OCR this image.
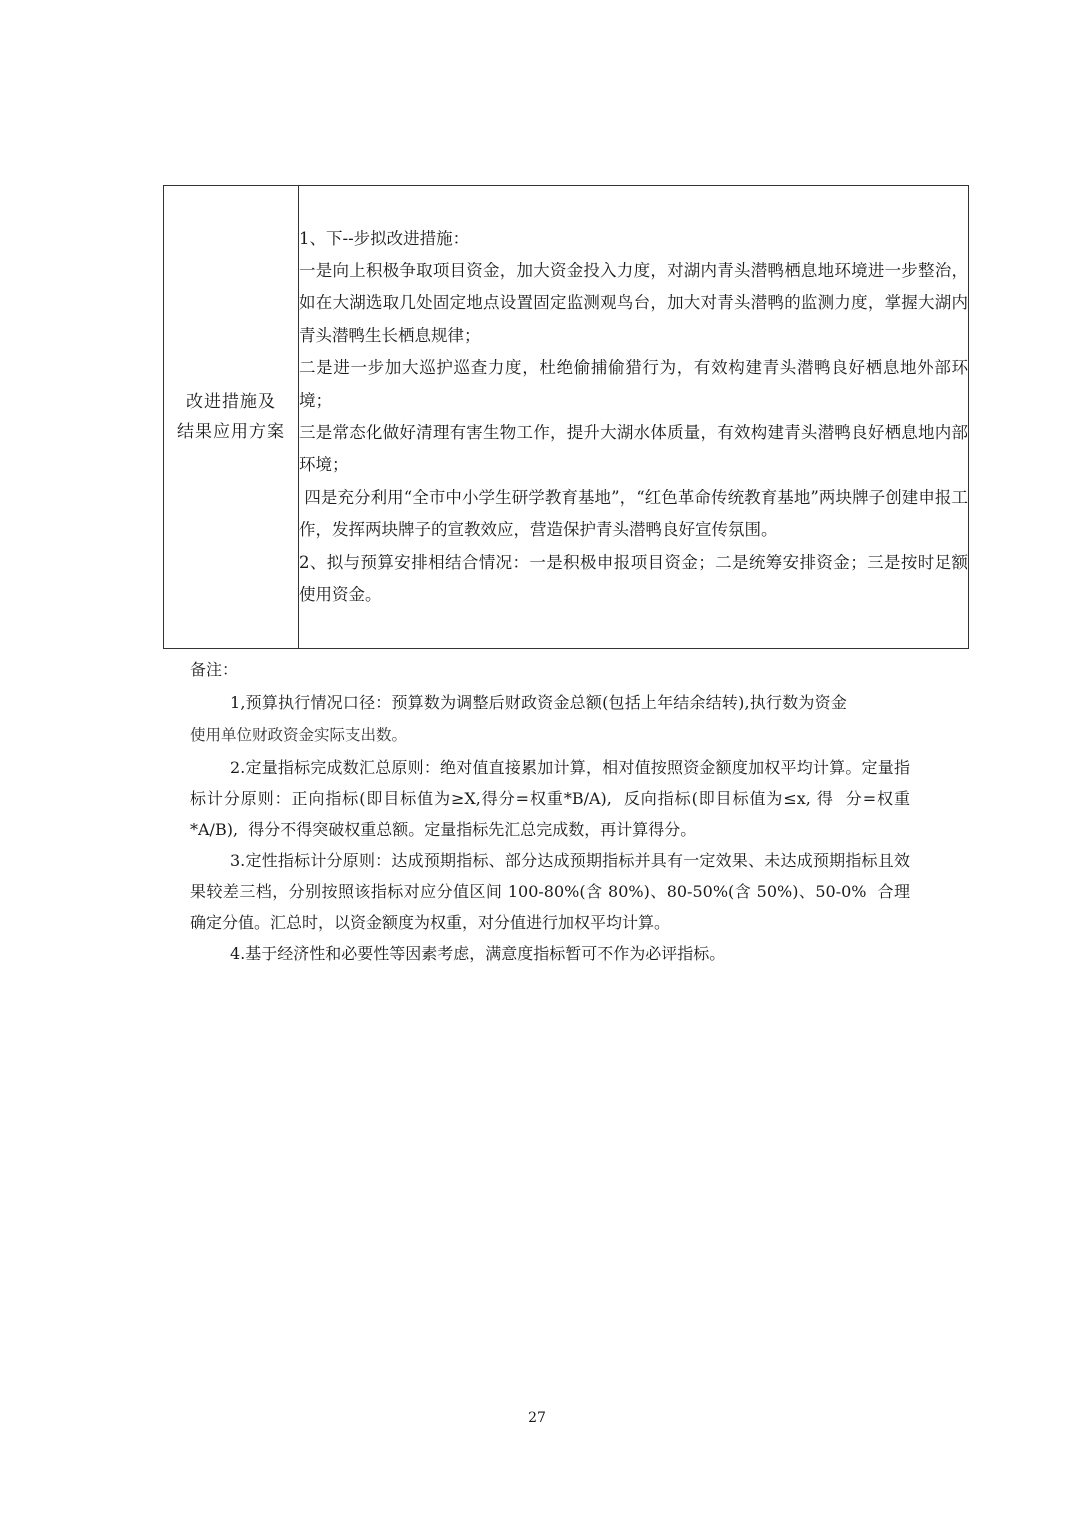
改进措施及
结果应用方案	

1、下--步拟改进措施：

一是向上积极争取项目资金，加大资金投入力度，对湖内青头潜鸭栖息地环境进一步整治，如在大湖选取几处固定地点设置固定监测观鸟台，加大对青头潜鸭的监测力度，掌握大湖内青头潜鸭生长栖息规律；

二是进一步加大巡护巡查力度，杜绝偷捕偷猎行为，有效构建青头潜鸭良好栖息地外部环境；

三是常态化做好清理有害生物工作，提升大湖水体质量，有效构建青头潜鸭良好栖息地内部环境；

四是充分利用“全市中小学生研学教育基地”，“红色革命传统教育基地”两块牌子创建申报工作，发挥两块牌子的宣教效应，营造保护青头潜鸭良好宣传氛围。

2、拟与预算安排相结合情况：一是积极申报项目资金；二是统筹安排资金；三是按时足额使用资金。

备注：

1,预算执行情况口径：预算数为调整后财政资金总额(包括上年结余结转),执行数为资金

使用单位财政资金实际支出数。

2.定量指标完成数汇总原则：绝对值直接累加计算，相对值按照资金额度加权平均计算。定量指标计分原则：正向指标(即目标值为≥X,得分=权重*B/A),  反向指标(即目标值为≤x, 得  分=权重*A/B),  得分不得突破权重总额。定量指标先汇总完成数，再计算得分。

3.定性指标计分原则：达成预期指标、部分达成预期指标并具有一定效果、未达成预期指标且效果较差三档，分别按照该指标对应分值区间 100-80%(含 80%)、80-50%(含 50%)、50-0%  合理确定分值。汇总时，以资金额度为权重，对分值进行加权平均计算。

4.基于经济性和必要性等因素考虑，满意度指标暂可不作为必评指标。

27
